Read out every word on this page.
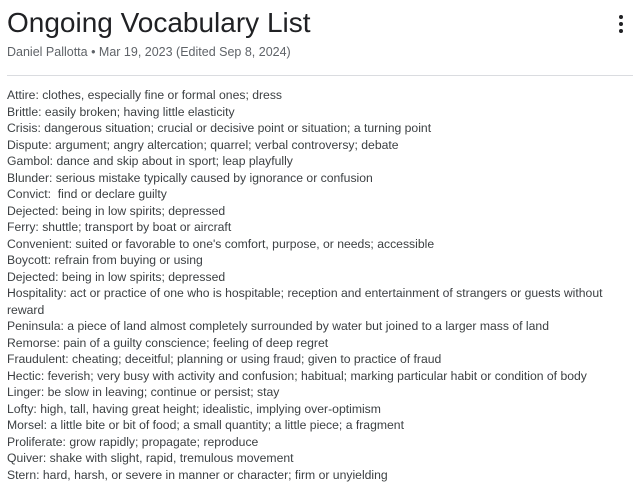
Ongoing Vocabulary List
Daniel Pallotta • Mar 19, 2023 (Edited Sep 8, 2024)

Attire: clothes, especially fine or formal ones; dress

Brittle: easily broken; having little elasticity

Crisis: dangerous situation; crucial or decisive point or situation; a turning point

Dispute: argument; angry altercation; quarrel; verbal controversy; debate

Gambol: dance and skip about in sport; leap playfully

Blunder: serious mistake typically caused by ignorance or confusion

Convict:  find or declare guilty

Dejected: being in low spirits; depressed

Ferry: shuttle; transport by boat or aircraft

Convenient: suited or favorable to one's comfort, purpose, or needs; accessible

Boycott: refrain from buying or using

Dejected: being in low spirits; depressed

Hospitality: act or practice of one who is hospitable; reception and entertainment of strangers or guests without reward

Peninsula: a piece of land almost completely surrounded by water but joined to a larger mass of land

Remorse: pain of a guilty conscience; feeling of deep regret

Fraudulent: cheating; deceitful; planning or using fraud; given to practice of fraud

Hectic: feverish; very busy with activity and confusion; habitual; marking particular habit or condition of body

Linger: be slow in leaving; continue or persist; stay

Lofty: high, tall, having great height; idealistic, implying over-optimism

Morsel: a little bite or bit of food; a small quantity; a little piece; a fragment

Proliferate: grow rapidly; propagate; reproduce

Quiver: shake with slight, rapid, tremulous movement

Stern: hard, harsh, or severe in manner or character; firm or unyielding
